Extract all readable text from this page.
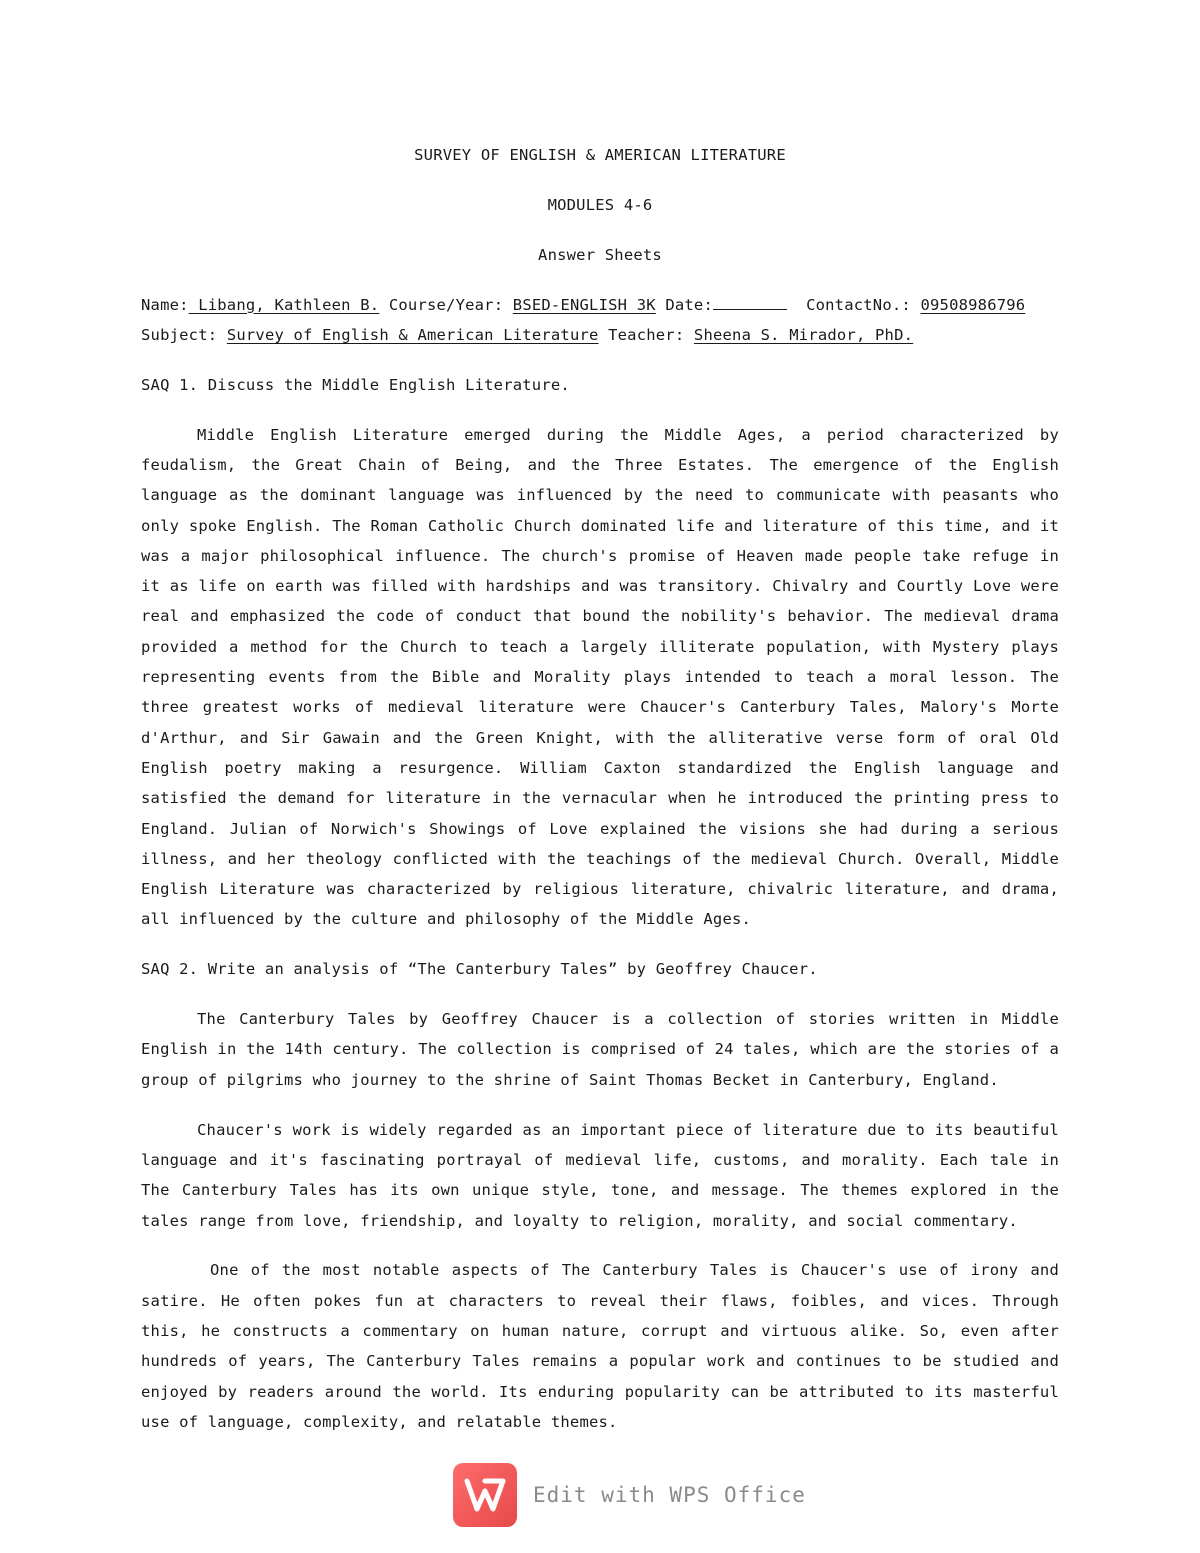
SURVEY OF ENGLISH & AMERICAN LITERATURE

MODULES 4-6

Answer Sheets

Name: Libang, Kathleen B. Course/Year: BSED-ENGLISH 3K Date:	ContactNo.: 09508986796

Subject: Survey of English & American Literature Teacher: Sheena S. Mirador, PhD.

SAQ 1. Discuss the Middle English Literature.

Middle English Literature emerged during the Middle Ages, a period characterized by feudalism, the Great Chain of Being, and the Three Estates. The emergence of the English language as the dominant language was influenced by the need to communicate with peasants who only spoke English. The Roman Catholic Church dominated life and literature of this time, and it was a major philosophical influence. The church's promise of Heaven made people take refuge in it as life on earth was filled with hardships and was transitory. Chivalry and Courtly Love were real and emphasized the code of conduct that bound the nobility's behavior. The medieval drama provided a method for the Church to teach a largely illiterate population, with Mystery plays representing events from the Bible and Morality plays intended to teach a moral lesson. The three greatest works of medieval literature were Chaucer's Canterbury Tales, Malory's Morte d'Arthur, and Sir Gawain and the Green Knight, with the alliterative verse form of oral Old English poetry making a resurgence. William Caxton standardized the English language and satisfied the demand for literature in the vernacular when he introduced the printing press to England. Julian of Norwich's Showings of Love explained the visions she had during a serious illness, and her theology conflicted with the teachings of the medieval Church. Overall, Middle English Literature was characterized by religious literature, chivalric literature, and drama, all influenced by the culture and philosophy of the Middle Ages.

SAQ 2. Write an analysis of “The Canterbury Tales” by Geoffrey Chaucer.

The Canterbury Tales by Geoffrey Chaucer is a collection of stories written in Middle English in the 14th century. The collection is comprised of 24 tales, which are the stories of a group of pilgrims who journey to the shrine of Saint Thomas Becket in Canterbury, England.

Chaucer's work is widely regarded as an important piece of literature due to its beautiful language and it's fascinating portrayal of medieval life, customs, and morality. Each tale in The Canterbury Tales has its own unique style, tone, and message. The themes explored in the tales range from love, friendship, and loyalty to religion, morality, and social commentary.

One of the most notable aspects of The Canterbury Tales is Chaucer's use of irony and satire. He often pokes fun at characters to reveal their flaws, foibles, and vices. Through this, he constructs a commentary on human nature, corrupt and virtuous alike. So, even after hundreds of years, The Canterbury Tales remains a popular work and continues to be studied and enjoyed by readers around the world. Its enduring popularity can be attributed to its masterful use of language, complexity, and relatable themes.

Edit with WPS Office
